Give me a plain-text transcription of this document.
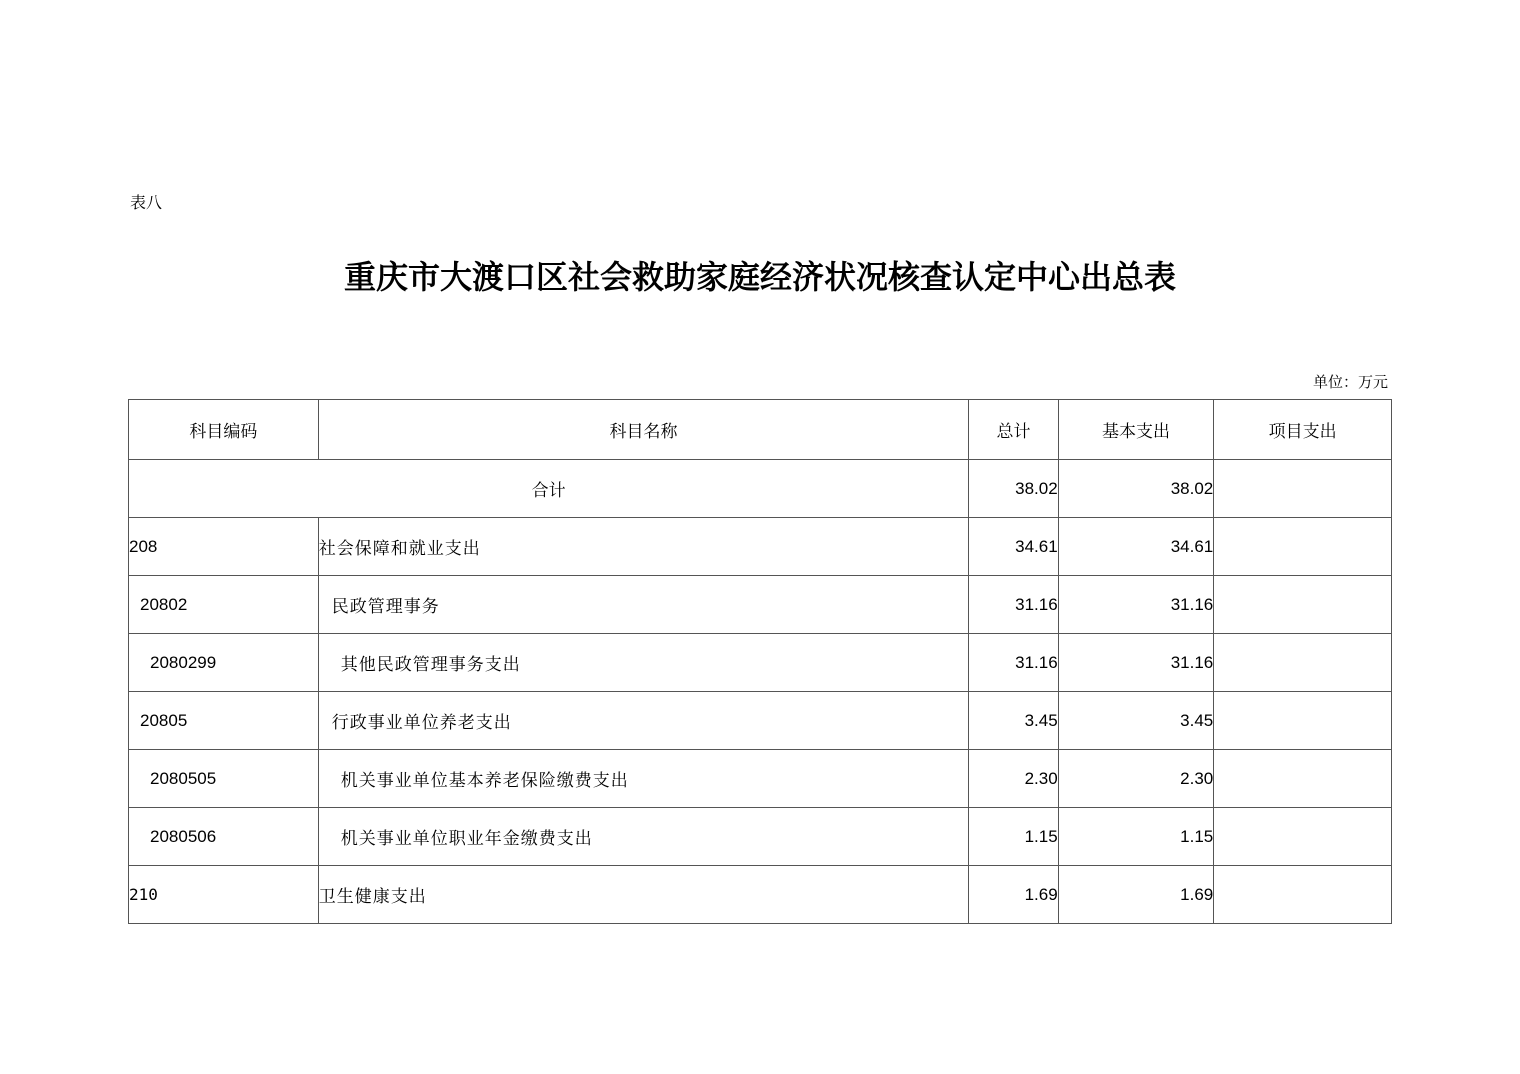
表八
重庆市大渡口区社会救助家庭经济状况核查认定中心出总表
单位：万元
科目编码	科目名称	总计	基本支出	项目支出
合计		38.02	38.02	
208	社会保障和就业支出	34.61	34.61	
20802	民政管理事务	31.16	31.16	
2080299	其他民政管理事务支出	31.16	31.16	
20805	行政事业单位养老支出	3.45	3.45	
2080505	机关事业单位基本养老保险缴费支出	2.30	2.30	
2080506	机关事业单位职业年金缴费支出	1.15	1.15	
210	卫生健康支出	1.69	1.69	
